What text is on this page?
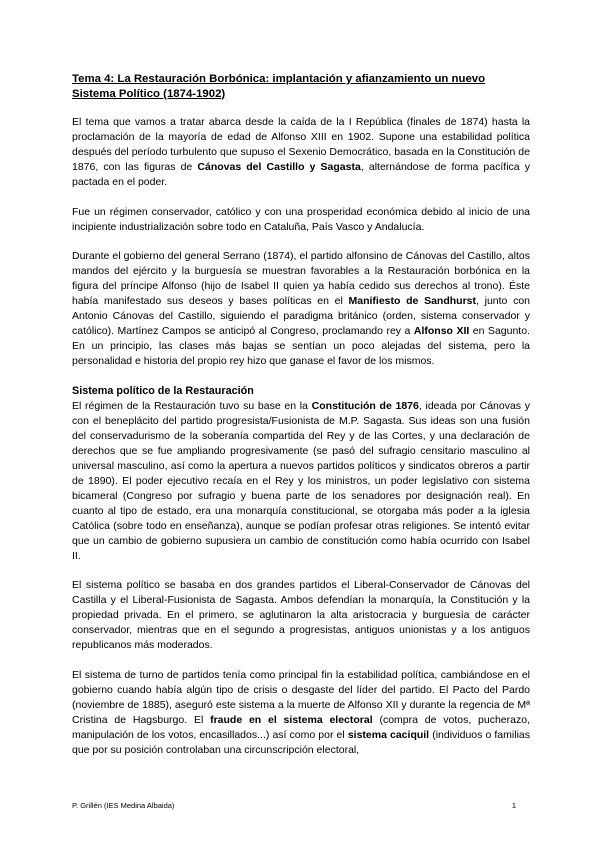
Tema 4: La Restauración Borbónica: implantación y afianzamiento un nuevo Sistema Político (1874-1902)

El tema que vamos a tratar abarca desde la caída de la I República (finales de 1874) hasta la proclamación de la mayoría de edad de Alfonso XIII en 1902. Supone una estabilidad política después del período turbulento que supuso el Sexenio Democrático, basada en la Constitución de 1876, con las figuras de Cánovas del Castillo y Sagasta, alternándose de forma pacífica y pactada en el poder.

Fue un régimen conservador, católico y con una prosperidad económica debido al inicio de una incipiente industrialización sobre todo en Cataluña, País Vasco y Andalucía.

Durante el gobierno del general Serrano (1874), el partido alfonsino de Cánovas del Castillo, altos mandos del ejército y la burguesía se muestran favorables a la Restauración borbónica en la figura del príncipe Alfonso (hijo de Isabel II quien ya había cedido sus derechos al trono). Éste había manifestado sus deseos y bases políticas en el Manifiesto de Sandhurst, junto con Antonio Cánovas del Castillo, siguiendo el paradigma británico (orden, sistema conservador y católico). Martínez Campos se anticipó al Congreso, proclamando rey a Alfonso XII en Sagunto. En un principio, las clases más bajas se sentían un poco alejadas del sistema, pero la personalidad e historia del propio rey hizo que ganase el favor de los mismos.

Sistema político de la Restauración

El régimen de la Restauración tuvo su base en la Constitución de 1876, ideada por Cánovas y con el beneplácito del partido progresista/Fusionista de M.P. Sagasta. Sus ideas son una fusión del conservadurismo de la soberanía compartida del Rey y de las Cortes, y una declaración de derechos que se fue ampliando progresivamente (se pasó del sufragio censitario masculino al universal masculino, así como la apertura a nuevos partidos políticos y sindicatos obreros a partir de 1890). El poder ejecutivo recaía en el Rey y los ministros, un poder legislativo con sistema bicameral (Congreso por sufragio y buena parte de los senadores por designación real). En cuanto al tipo de estado, era una monarquía constitucional, se otorgaba más poder a la iglesia Católica (sobre todo en enseñanza), aunque se podían profesar otras religiones. Se intentó evitar que un cambio de gobierno supusiera un cambio de constitución como había ocurrido con Isabel II.

El sistema político se basaba en dos grandes partidos el Liberal-Conservador de Cánovas del Castilla y el Liberal-Fusionista de Sagasta. Ambos defendían la monarquía, la Constitución y la propiedad privada. En el primero, se aglutinaron la alta aristocracia y burguesía de carácter conservador, mientras que en el segundo a progresistas, antiguos unionistas y a los antiguos republicanos más moderados.

El sistema de turno de partidos tenía como principal fin la estabilidad política, cambiándose en el gobierno cuando había algún tipo de crisis o desgaste del líder del partido. El Pacto del Pardo (noviembre de 1885), aseguró este sistema a la muerte de Alfonso XII y durante la regencia de Mª Cristina de Hagsburgo. El fraude en el sistema electoral (compra de votos, pucherazo, manipulación de los votos, encasillados...) así como por el sistema caciquil (individuos o familias que por su posición controlaban una circunscripción electoral,

P. Grillén (IES Medina Albaida)	1
